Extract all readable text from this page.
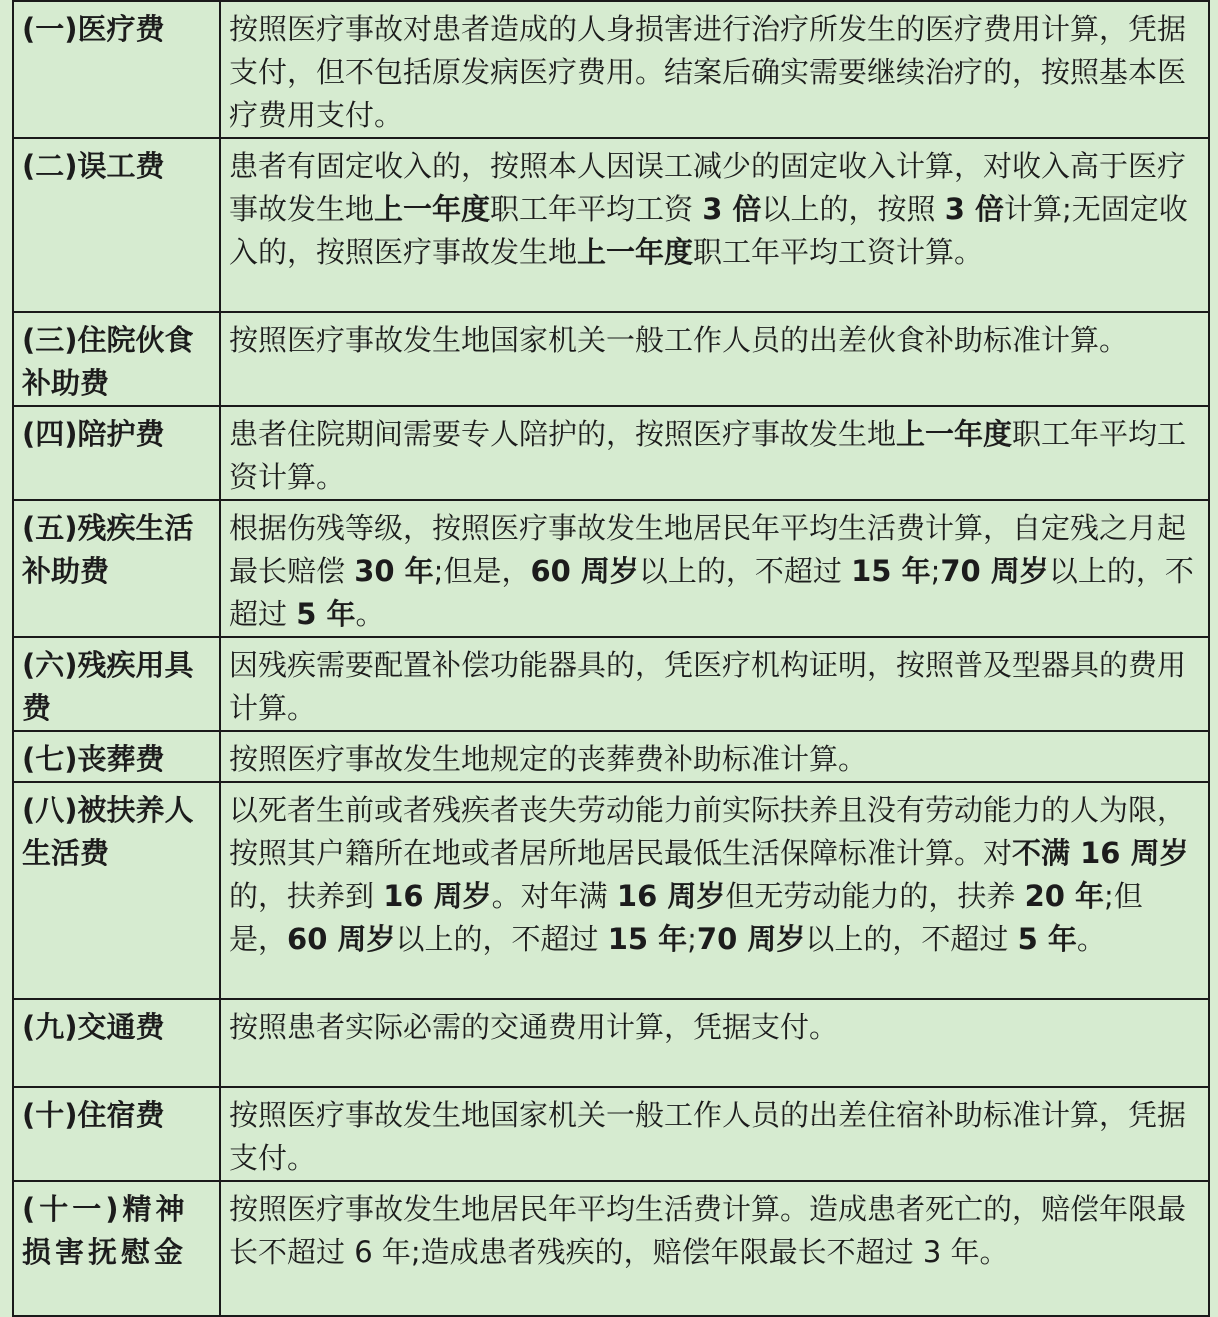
(一)医疗费	按照医疗事故对患者造成的人身损害进行治疗所发生的医疗费用计算，凭据支付，但不包括原发病医疗费用。结案后确实需要继续治疗的，按照基本医疗费用支付。
(二)误工费	患者有固定收入的，按照本人因误工减少的固定收入计算，对收入高于医疗事故发生地上一年度职工年平均工资 3 倍以上的，按照 3 倍计算;无固定收入的，按照医疗事故发生地上一年度职工年平均工资计算。
(三)住院伙食补助费	按照医疗事故发生地国家机关一般工作人员的出差伙食补助标准计算。
(四)陪护费	患者住院期间需要专人陪护的，按照医疗事故发生地上一年度职工年平均工资计算。
(五)残疾生活补助费	根据伤残等级，按照医疗事故发生地居民年平均生活费计算，自定残之月起最长赔偿 30 年;但是，60 周岁以上的，不超过 15 年;70 周岁以上的，不超过 5 年。
(六)残疾用具费	因残疾需要配置补偿功能器具的，凭医疗机构证明，按照普及型器具的费用计算。
(七)丧葬费	按照医疗事故发生地规定的丧葬费补助标准计算。
(八)被扶养人生活费	以死者生前或者残疾者丧失劳动能力前实际扶养且没有劳动能力的人为限，按照其户籍所在地或者居所地居民最低生活保障标准计算。对不满 16 周岁的，扶养到 16 周岁。对年满 16 周岁但无劳动能力的，扶养 20 年;但是，60 周岁以上的，不超过 15 年;70 周岁以上的，不超过 5 年。
(九)交通费	按照患者实际必需的交通费用计算，凭据支付。
(十)住宿费	按照医疗事故发生地国家机关一般工作人员的出差住宿补助标准计算，凭据支付。
(十一)精神损害抚慰金	按照医疗事故发生地居民年平均生活费计算。造成患者死亡的，赔偿年限最长不超过 6 年;造成患者残疾的，赔偿年限最长不超过 3 年。
